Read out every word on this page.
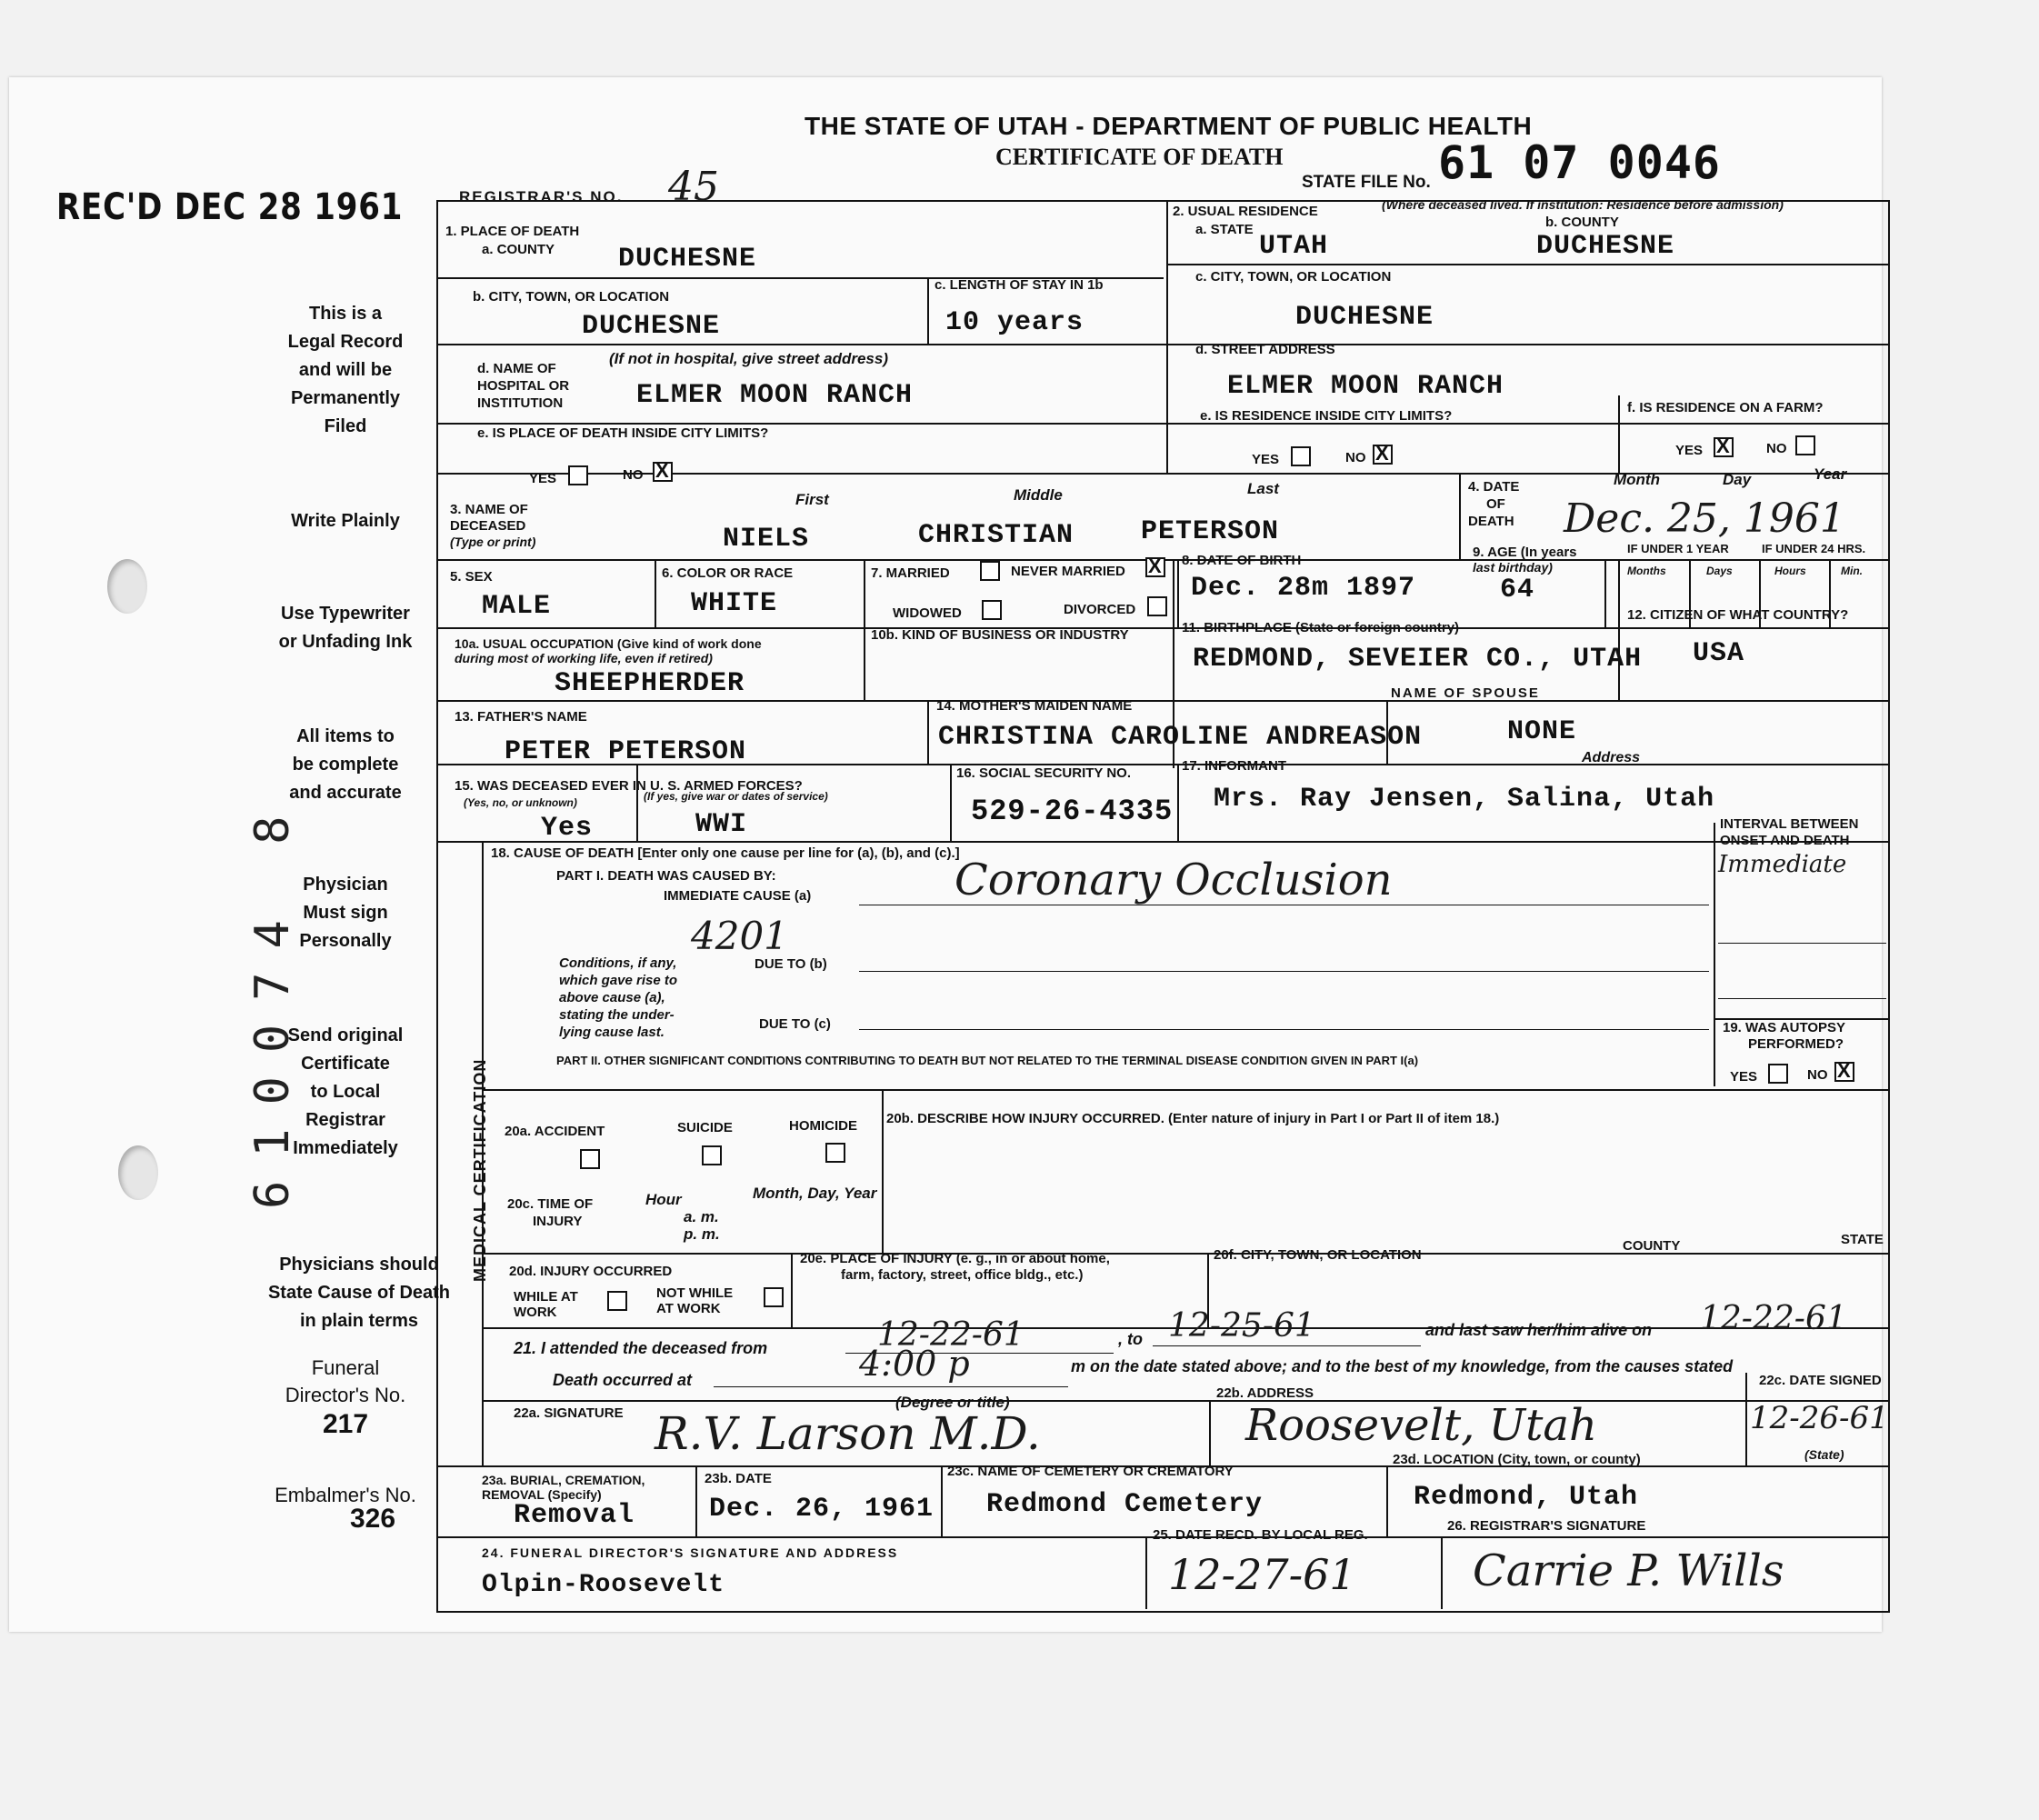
REC'D DEC 28 1961
This is a
Legal Record
and will be
Permanently
Filed
Write Plainly
Use Typewriter
or Unfading Ink
All items to
be complete
and accurate
Physician
Must sign
Personally
Send original
Certificate
to Local
Registrar
Immediately
Physicians should
State Cause of Death
in plain terms
Funeral
Director's No.
217
Embalmer's No.
326
610074 8
THE STATE OF UTAH - DEPARTMENT OF PUBLIC HEALTH
CERTIFICATE OF DEATH
STATE FILE No. 61 07 0046
REGISTRAR'S NO. 45
1. PLACE OF DEATH
a. COUNTY DUCHESNE
2. USUAL RESIDENCE	(Where deceased lived. If institution: Residence before admission)
a. STATE	b. COUNTY
UTAH	DUCHESNE
b. CITY, TOWN, OR LOCATION
DUCHESNE
c. LENGTH OF STAY IN 1b
10 years
c. CITY, TOWN, OR LOCATION
DUCHESNE
d. NAME OF
HOSPITAL OR
INSTITUTION
(If not in hospital, give street address)
ELMER MOON RANCH
d. STREET ADDRESS
ELMER MOON RANCH
e. IS PLACE OF DEATH INSIDE CITY LIMITS?
YES	NO
X
e. IS RESIDENCE INSIDE CITY LIMITS?
YES	NO
X
f. IS RESIDENCE ON A FARM?
YES
X	NO
3. NAME OF
DECEASED
(Type or print)
First	Middle	Last
NIELS	CHRISTIAN PETERSON
4. DATE
OF
DEATH
Month	Day	Year
Dec. 25, 1961
5. SEX
MALE
6. COLOR OR RACE
WHITE
7. MARRIED	NEVER MARRIED
X
WIDOWED	DIVORCED
8. DATE OF BIRTH
Dec. 28m 1897
9. AGE (In years
last birthday)
64
IF UNDER 1 YEAR	IF UNDER 24 HRS.
Months	Days	Hours	Min.
10a. USUAL OCCUPATION (Give kind of work done
during most of working life, even if retired)
SHEEPHERDER
10b. KIND OF BUSINESS OR INDUSTRY	11. BIRTHPLACE (State or foreign country)
REDMOND, SEVEIER CO., UTAH
12. CITIZEN OF WHAT COUNTRY?
USA
13. FATHER'S NAME
PETER PETERSON
14. MOTHER'S MAIDEN NAME
CHRISTINA CAROLINE ANDREASON
NAME OF SPOUSE
NONE
15. WAS DECEASED EVER IN U. S. ARMED FORCES?
(Yes, no, or unknown)	(If yes, give war or dates of service)
Yes	WWI
16. SOCIAL SECURITY NO.
529-26-4335
17. INFORMANT
Address
Mrs. Ray Jensen, Salina, Utah
MEDICAL CERTIFICATION
18. CAUSE OF DEATH [Enter only one cause per line for (a), (b), and (c).]
PART I. DEATH WAS CAUSED BY:
IMMEDIATE CAUSE (a)	Coronary Occlusion
4201
Conditions, if any,
which gave rise to
above cause (a),
stating the under-
lying cause last.
DUE TO (b)
DUE TO (c)
INTERVAL BETWEEN
ONSET AND DEATH
Immediate
PART II. OTHER SIGNIFICANT CONDITIONS CONTRIBUTING TO DEATH BUT NOT RELATED TO THE TERMINAL DISEASE CONDITION GIVEN IN PART I(a)
19. WAS AUTOPSY
PERFORMED?
YES	NO
X
20a. ACCIDENT	SUICIDE	HOMICIDE 20b. DESCRIBE HOW INJURY OCCURRED. (Enter nature of injury in Part I or Part II of item 18.)
20c. TIME OF
INJURY
Hour
a. m.
p. m.
Month, Day, Year
20d. INJURY OCCURRED
WHILE AT
WORK
NOT WHILE
AT WORK
20e. PLACE OF INJURY (e. g., in or about home,
farm, factory, street, office bldg., etc.)
20f. CITY, TOWN, OR LOCATION
COUNTY	STATE
21. I attended the deceased from	12-22-61	, to 12-25-61	and last saw her/him alive on 12-22-61
Death occurred at	4:00 p	m on the date stated above; and to the best of my knowledge, from the causes stated
22a. SIGNATURE
(Degree or title)
R.V. Larson M.D.
22b. ADDRESS
Roosevelt, Utah
22c. DATE SIGNED
12-26-61
23a. BURIAL, CREMATION,
REMOVAL (Specify)
Removal
23b. DATE
Dec. 26, 1961
23c. NAME OF CEMETERY OR CREMATORY
Redmond Cemetery
23d. LOCATION (City, town, or county)	(State)
Redmond, Utah
24. FUNERAL DIRECTOR'S SIGNATURE AND ADDRESS
Olpin-Roosevelt
25. DATE RECD. BY LOCAL REG.
12-27-61
26. REGISTRAR'S SIGNATURE
Carrie P. Wills
